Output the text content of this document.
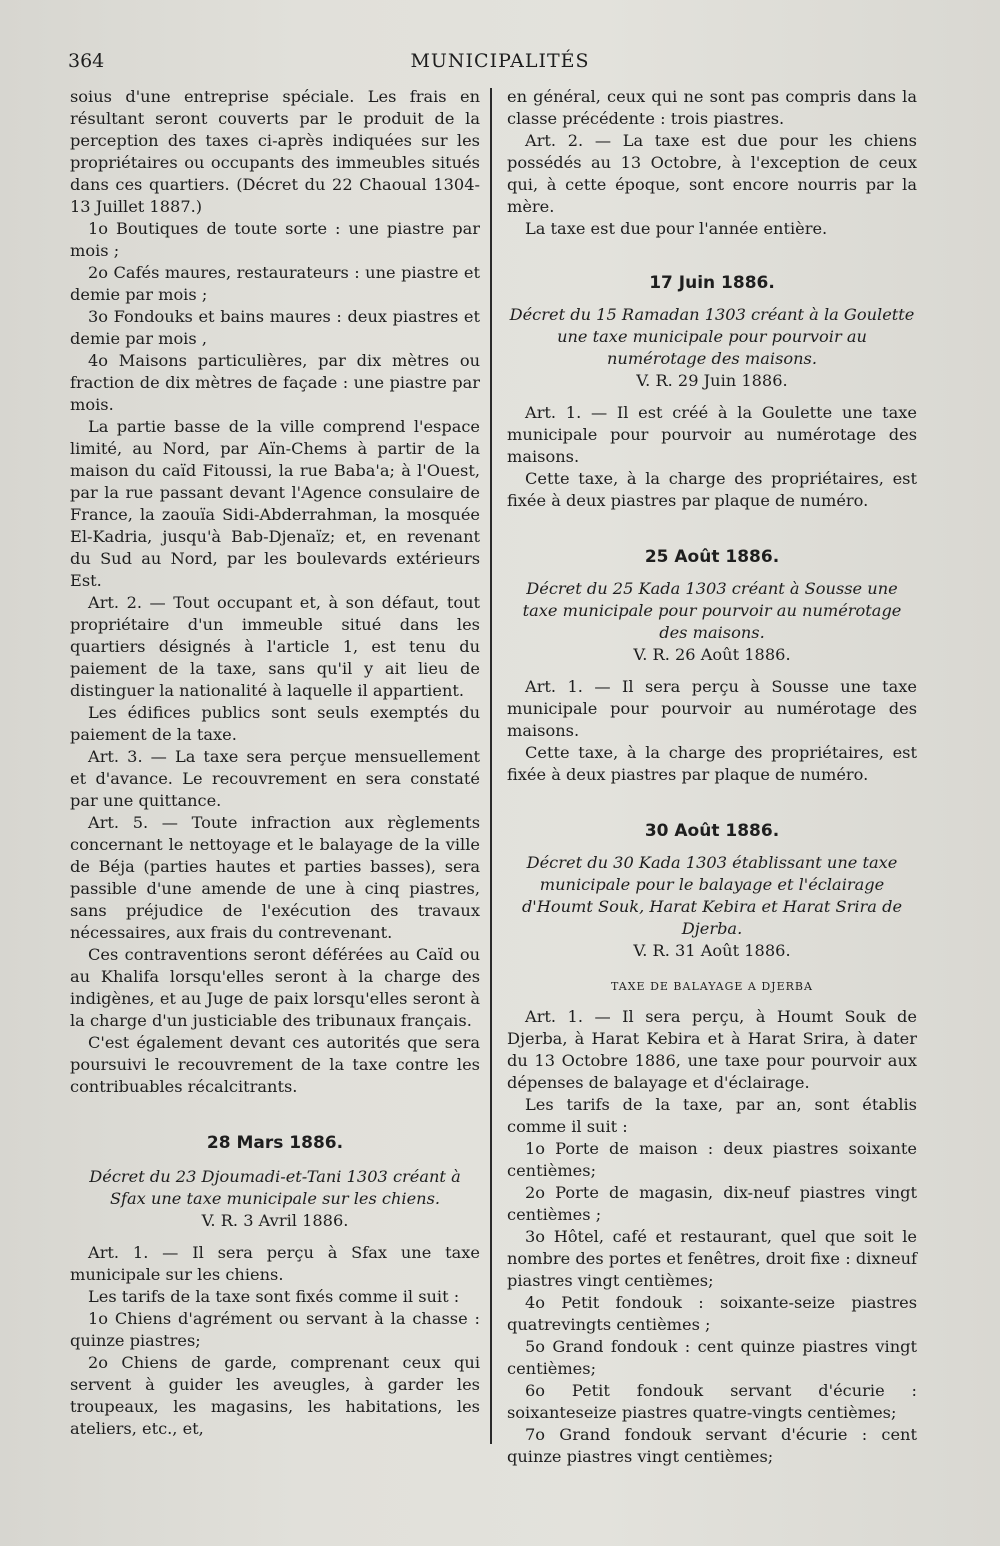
364	MUNICIPALITÉS

soius d'une entreprise spéciale. Les frais en résultant seront couverts par le produit de la perception des taxes ci-après indiquées sur les propriétaires ou occupants des immeubles situés dans ces quartiers. (Décret du 22 Chaoual 1304-13 Juillet 1887.)

1o Boutiques de toute sorte : une piastre par mois ;

2o Cafés maures, restaurateurs : une piastre et demie par mois ;

3o Fondouks et bains maures : deux piastres et demie par mois ,

4o Maisons particulières, par dix mètres ou fraction de dix mètres de façade : une piastre par mois.

La partie basse de la ville comprend l'espace limité, au Nord, par Aïn-Chems à partir de la maison du caïd Fitoussi, la rue Baba'a; à l'Ouest, par la rue passant devant l'Agence consulaire de France, la zaouïa Sidi-Abderrahman, la mosquée El-Kadria, jusqu'à Bab-Djenaïz; et, en revenant du Sud au Nord, par les boulevards extérieurs Est.

Art. 2. — Tout occupant et, à son défaut, tout propriétaire d'un immeuble situé dans les quartiers désignés à l'article 1, est tenu du paiement de la taxe, sans qu'il y ait lieu de distinguer la nationalité à laquelle il appartient.

Les édifices publics sont seuls exemptés du paiement de la taxe.

Art. 3. — La taxe sera perçue mensuellement et d'avance. Le recouvrement en sera constaté par une quittance.

Art. 5. — Toute infraction aux règlements concernant le nettoyage et le balayage de la ville de Béja (parties hautes et parties basses), sera passible d'une amende de une à cinq piastres, sans préjudice de l'exécution des travaux nécessaires, aux frais du contrevenant.

Ces contraventions seront déférées au Caïd ou au Khalifa lorsqu'elles seront à la charge des indigènes, et au Juge de paix lorsqu'elles seront à la charge d'un justiciable des tribunaux français.

C'est également devant ces autorités que sera poursuivi le recouvrement de la taxe contre les contribuables récalcitrants.

28 Mars 1886.

Décret du 23 Djoumadi-et-Tani 1303 créant à Sfax une taxe municipale sur les chiens.

V. R. 3 Avril 1886.

Art. 1. — Il sera perçu à Sfax une taxe municipale sur les chiens.

Les tarifs de la taxe sont fixés comme il suit :

1o Chiens d'agrément ou servant à la chasse : quinze piastres;

2o Chiens de garde, comprenant ceux qui servent à guider les aveugles, à garder les troupeaux, les magasins, les habitations, les ateliers, etc., et,

en général, ceux qui ne sont pas compris dans la classe précédente : trois piastres.

Art. 2. — La taxe est due pour les chiens possédés au 13 Octobre, à l'exception de ceux qui, à cette époque, sont encore nourris par la mère.

La taxe est due pour l'année entière.

17 Juin 1886.

Décret du 15 Ramadan 1303 créant à la Goulette une taxe municipale pour pourvoir au numérotage des maisons.

V. R. 29 Juin 1886.

Art. 1. — Il est créé à la Goulette une taxe municipale pour pourvoir au numérotage des maisons.

Cette taxe, à la charge des propriétaires, est fixée à deux piastres par plaque de numéro.

25 Août 1886.

Décret du 25 Kada 1303 créant à Sousse une taxe municipale pour pourvoir au numérotage des maisons.

V. R. 26 Août 1886.

Art. 1. — Il sera perçu à Sousse une taxe municipale pour pourvoir au numérotage des maisons.

Cette taxe, à la charge des propriétaires, est fixée à deux piastres par plaque de numéro.

30 Août 1886.

Décret du 30 Kada 1303 établissant une taxe municipale pour le balayage et l'éclairage d'Houmt Souk, Harat Kebira et Harat Srira de Djerba.

V. R. 31 Août 1886.

TAXE DE BALAYAGE A DJERBA

Art. 1. — Il sera perçu, à Houmt Souk de Djerba, à Harat Kebira et à Harat Srira, à dater du 13 Octobre 1886, une taxe pour pourvoir aux dépenses de balayage et d'éclairage.

Les tarifs de la taxe, par an, sont établis comme il suit :

1o Porte de maison : deux piastres soixante centièmes;

2o Porte de magasin, dix-neuf piastres vingt centièmes ;

3o Hôtel, café et restaurant, quel que soit le nombre des portes et fenêtres, droit fixe : dixneuf piastres vingt centièmes;

4o Petit fondouk : soixante-seize piastres quatrevingts centièmes ;

5o Grand fondouk : cent quinze piastres vingt centièmes;

6o Petit fondouk servant d'écurie : soixanteseize piastres quatre-vingts centièmes;

7o Grand fondouk servant d'écurie : cent quinze piastres vingt centièmes;
